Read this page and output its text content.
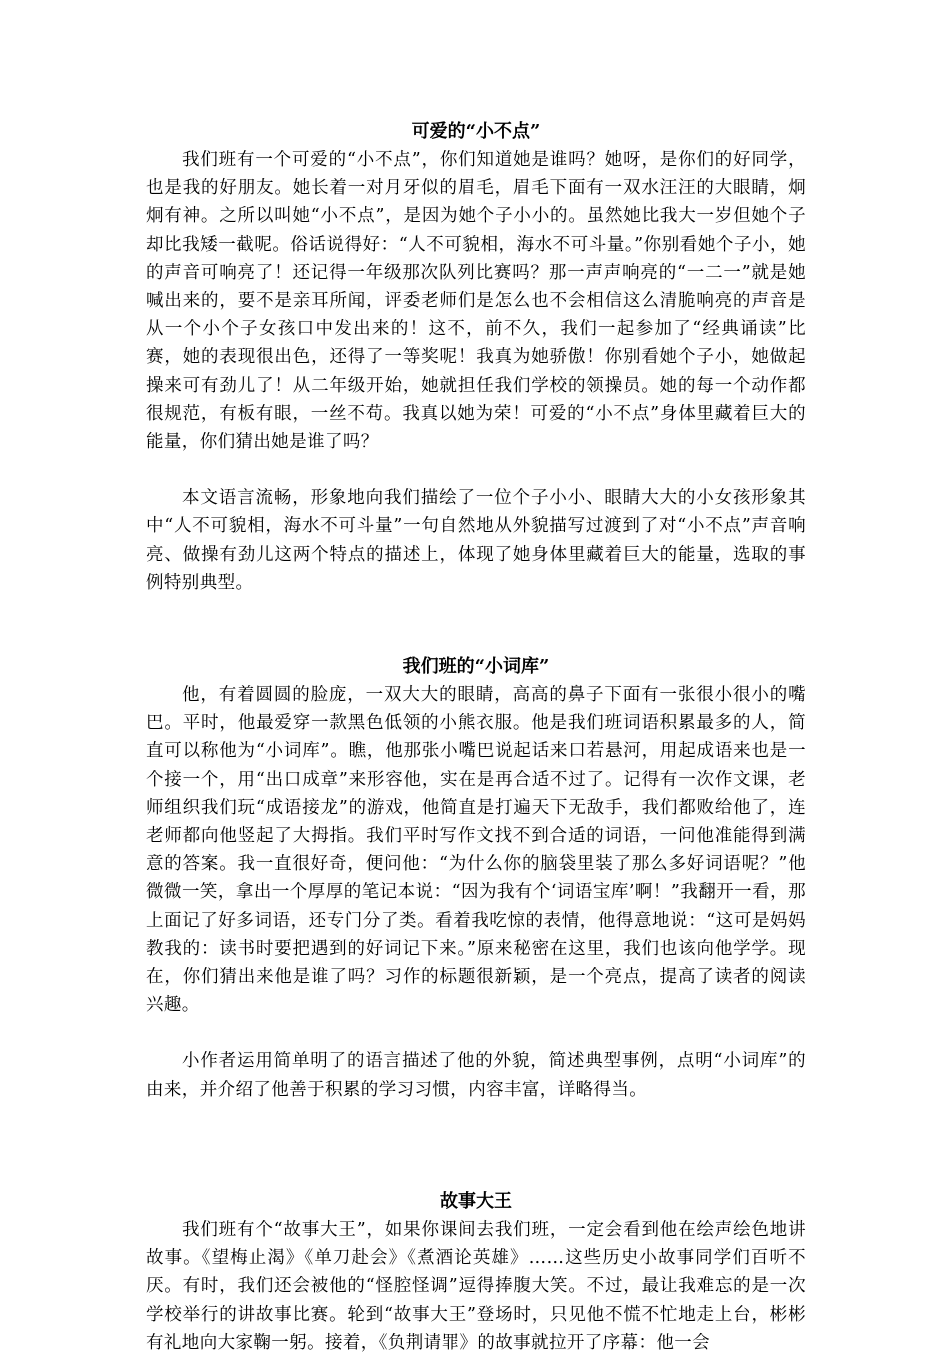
可爱的“小不点”

我们班有一个可爱的“小不点”，你们知道她是谁吗？她呀，是你们的好同学，也是我的好朋友。她长着一对月牙似的眉毛，眉毛下面有一双水汪汪的大眼睛，炯炯有神。之所以叫她“小不点”，是因为她个子小小的。虽然她比我大一岁但她个子却比我矮一截呢。俗话说得好：“人不可貌相，海水不可斗量。”你别看她个子小，她的声音可响亮了！还记得一年级那次队列比赛吗？那一声声响亮的“一二一”就是她喊出来的，要不是亲耳所闻，评委老师们是怎么也不会相信这么清脆响亮的声音是从一个小个子女孩口中发出来的！这不，前不久，我们一起参加了“经典诵读”比赛，她的表现很出色，还得了一等奖呢！我真为她骄傲！你别看她个子小，她做起操来可有劲儿了！从二年级开始，她就担任我们学校的领操员。她的每一个动作都很规范，有板有眼，一丝不苟。我真以她为荣！可爱的“小不点”身体里藏着巨大的能量，你们猜出她是谁了吗？

本文语言流畅，形象地向我们描绘了一位个子小小、眼睛大大的小女孩形象其中“人不可貌相，海水不可斗量”一句自然地从外貌描写过渡到了对“小不点”声音响亮、做操有劲儿这两个特点的描述上，体现了她身体里藏着巨大的能量，选取的事例特别典型。

我们班的“小词库”

他，有着圆圆的脸庞，一双大大的眼睛，高高的鼻子下面有一张很小很小的嘴巴。平时，他最爱穿一款黑色低领的小熊衣服。他是我们班词语积累最多的人，简直可以称他为“小词库”。瞧，他那张小嘴巴说起话来口若悬河，用起成语来也是一个接一个，用“出口成章”来形容他，实在是再合适不过了。记得有一次作文课，老师组织我们玩“成语接龙”的游戏，他简直是打遍天下无敌手，我们都败给他了，连老师都向他竖起了大拇指。我们平时写作文找不到合适的词语，一问他准能得到满意的答案。我一直很好奇，便问他：“为什么你的脑袋里装了那么多好词语呢？”他微微一笑，拿出一个厚厚的笔记本说：“因为我有个‘词语宝库’啊！”我翻开一看，那上面记了好多词语，还专门分了类。看着我吃惊的表情，他得意地说：“这可是妈妈教我的：读书时要把遇到的好词记下来。”原来秘密在这里，我们也该向他学学。现在，你们猜出来他是谁了吗？习作的标题很新颖，是一个亮点，提高了读者的阅读兴趣。

小作者运用简单明了的语言描述了他的外貌，简述典型事例，点明“小词库”的由来，并介绍了他善于积累的学习习惯，内容丰富，详略得当。

故事大王

我们班有个“故事大王”，如果你课间去我们班，一定会看到他在绘声绘色地讲故事。《望梅止渴》《单刀赴会》《煮酒论英雄》……这些历史小故事同学们百听不厌。有时，我们还会被他的“怪腔怪调”逗得捧腹大笑。不过，最让我难忘的是一次学校举行的讲故事比赛。轮到“故事大王”登场时，只见他不慌不忙地走上台，彬彬有礼地向大家鞠一躬。接着，《负荆请罪》的故事就拉开了序幕：他一会
